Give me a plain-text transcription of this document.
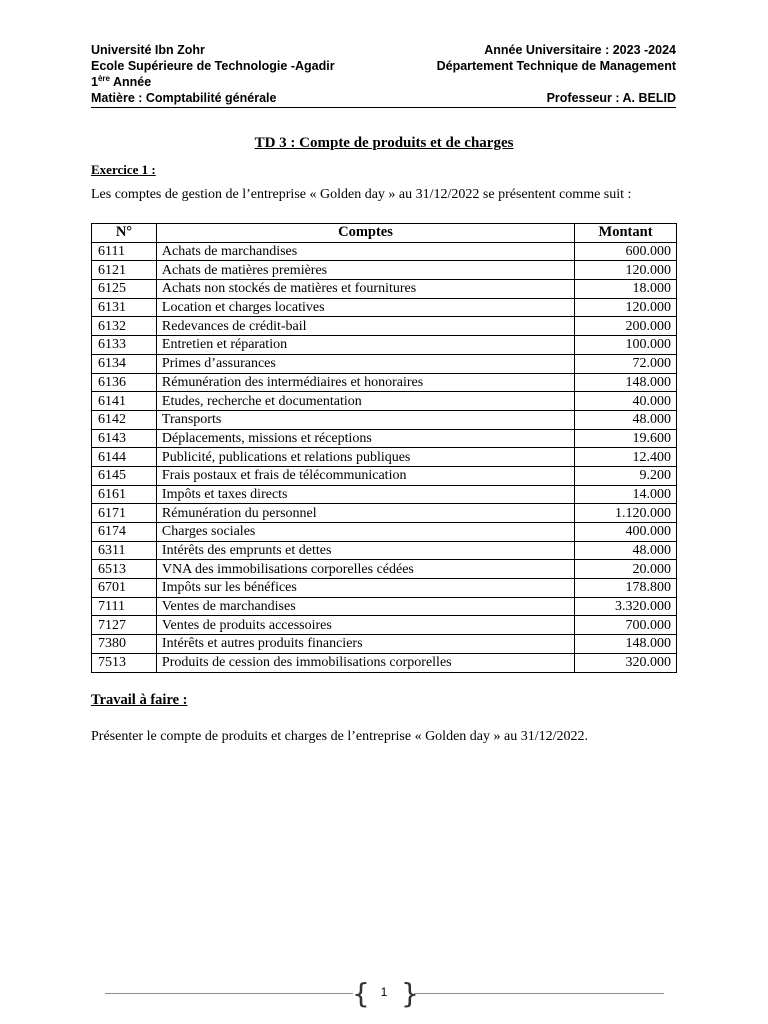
Université Ibn Zohr	Année Universitaire : 2023 -2024
Ecole Supérieure de Technologie -Agadir	Département Technique de Management
1ère Année
Matière : Comptabilité générale	Professeur : A. BELID
TD 3 : Compte de produits et de charges
Exercice 1 :
Les comptes de gestion de l’entreprise « Golden day » au 31/12/2022 se présentent comme suit :
N°	Comptes	Montant
6111	Achats de marchandises	600.000
6121	Achats de matières premières	120.000
6125	Achats non stockés de matières et fournitures	18.000
6131	Location et charges locatives	120.000
6132	Redevances de crédit-bail	200.000
6133	Entretien et réparation	100.000
6134	Primes d’assurances	72.000
6136	Rémunération des intermédiaires et honoraires	148.000
6141	Etudes, recherche et documentation	40.000
6142	Transports	48.000
6143	Déplacements, missions et réceptions	19.600
6144	Publicité, publications et relations publiques	12.400
6145	Frais postaux et frais de télécommunication	9.200
6161	Impôts et taxes directs	14.000
6171	Rémunération du personnel	1.120.000
6174	Charges sociales	400.000
6311	Intérêts des emprunts et dettes	48.000
6513	VNA des immobilisations corporelles cédées	20.000
6701	Impôts sur les bénéfices	178.800
7111	Ventes de marchandises	3.320.000
7127	Ventes de produits accessoires	700.000
7380	Intérêts et autres produits financiers	148.000
7513	Produits de cession des immobilisations corporelles	320.000
Travail à faire :
Présenter le compte de produits et charges de l’entreprise « Golden day » au 31/12/2022.
{ 1 }
